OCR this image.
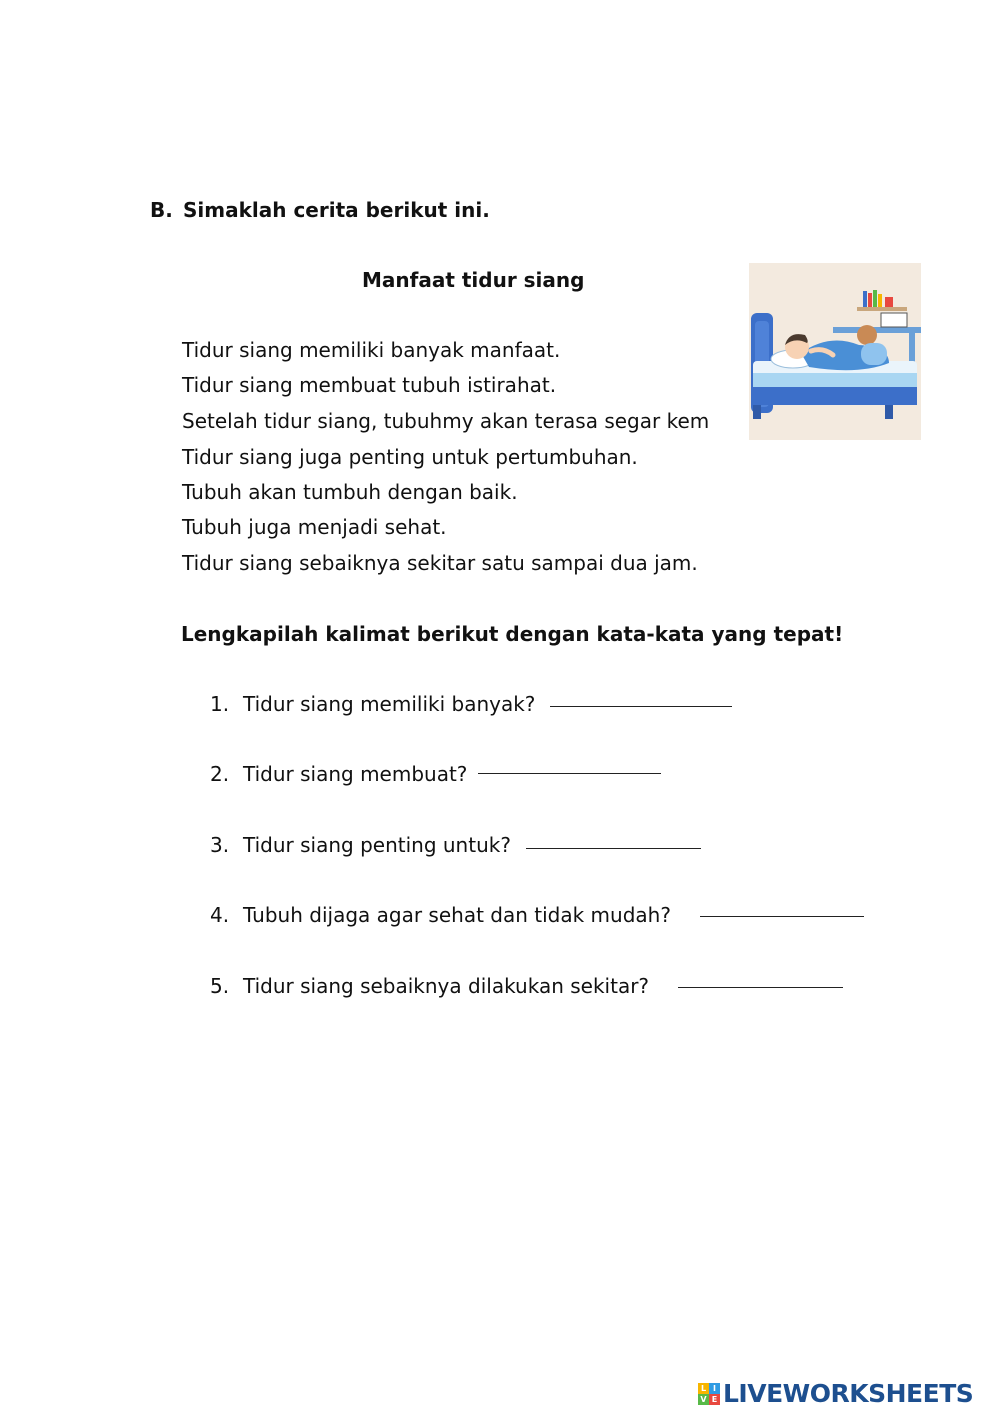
B. Simaklah cerita berikut ini.
Manfaat tidur siang
Tidur siang memiliki banyak manfaat.
Tidur siang membuat tubuh istirahat.
Setelah tidur siang, tubuhmy akan terasa segar kem
Tidur siang juga penting untuk pertumbuhan.
Tubuh akan tumbuh dengan baik.
Tubuh juga menjadi sehat.
Tidur siang sebaiknya sekitar satu sampai dua jam.
Lengkapilah kalimat berikut dengan kata-kata yang tepat!
1. Tidur siang memiliki banyak?
2. Tidur siang membuat?
3. Tidur siang penting untuk?
4. Tubuh dijaga agar sehat dan tidak mudah?
5. Tidur siang sebaiknya dilakukan sekitar?
L I
V E LIVEWORKSHEETS
